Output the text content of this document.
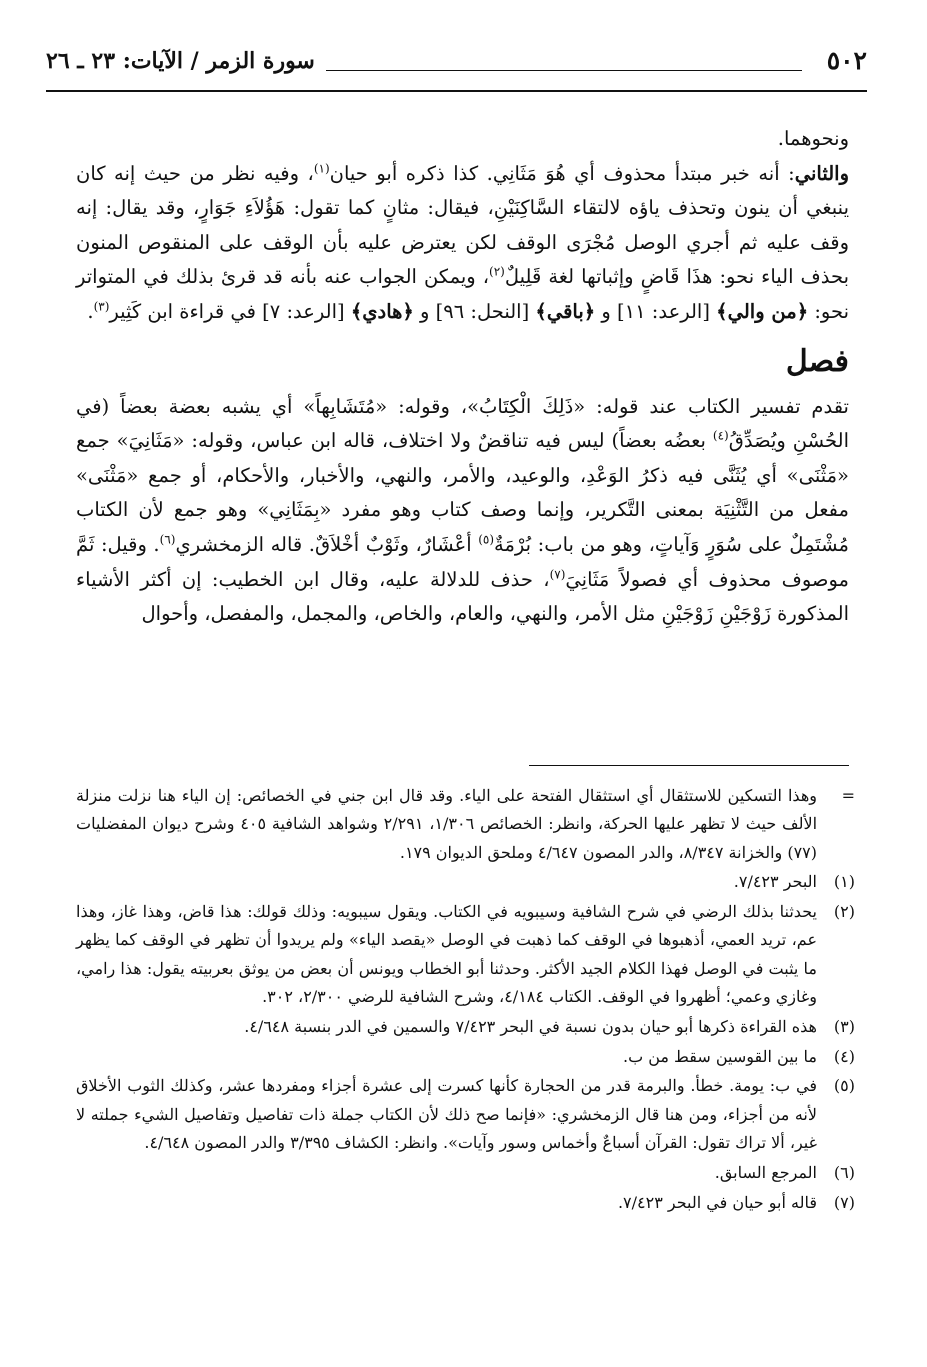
٥٠٢
سورة الزمر / الآيات: ٢٣ ـ ٢٦

ونحوهما.

والثاني: أنه خبر مبتدأ محذوف أي هُوَ مَثَانِي. كذا ذكره أبو حيان$^{(١)}$، وفيه نظر من حيث إنه كان ينبغي أن ينون وتحذف ياؤه لالتقاء السَّاكِنَيْنِ، فيقال: مثانٍ كما تقول: هَؤُلاَءِ جَوَارٍ، وقد يقال: إنه وقف عليه ثم أجري الوصل مُجْرَى الوقف لكن يعترض عليه بأن الوقف على المنقوص المنون بحذف الياء نحو: هذَا قَاضٍ وإثباتها لغة قَلِيلٌ$^{(٢)}$، ويمكن الجواب عنه بأنه قد قرئ بذلك في المتواتر نحو: ﴿من والي﴾ [الرعد: ١١] و ﴿باقي﴾ [النحل: ٩٦] و ﴿هادي﴾ [الرعد: ٧] في قراءة ابن كَثِير$^{(٣)}$.

فصل

تقدم تفسير الكتاب عند قوله: «ذَلِكَ الْكِتَابُ»، وقوله: «مُتَشَابِهاً» أي يشبه بعضة بعضاً (في الحُسْنِ ويُصَدِّقُ$^{(٤)}$ بعضُه بعضاً) ليس فيه تناقضٌ ولا اختلاف، قاله ابن عباس، وقوله: «مَثَانِيَ» جمع «مَثْنَى» أي يُثَنَّى فيه ذكرُ الوَعْدِ، والوعيد، والأمر، والنهي، والأخبار، والأحكام، أو جمع «مَثْنَى» مفعل من التَّثْنِيَة بمعنى التَّكرير، وإنما وصف كتاب وهو مفرد «بِمَثَانِي» وهو جمع لأن الكتاب مُشْتَمِلٌ على سُوَرٍ وَآياتٍ، وهو من باب: بُرْمَةٌ$^{(٥)}$ أعْشَارٌ، وثَوْبٌ أخْلاَقٌ. قاله الزمخشري$^{(٦)}$. وقيل: ثَمَّ موصوف محذوف أي فصولاً مَثَانِيَ$^{(٧)}$، حذف للدلالة عليه، وقال ابن الخطيب: إن أكثر الأشياء المذكورة زَوْجَيْنِ زَوْجَيْنِ مثل الأمر، والنهي، والعام، والخاص، والمجمل، والمفصل، وأحوال

=
وهذا التسكين للاستثقال أي استثقال الفتحة على الياء. وقد قال ابن جني في الخصائص: إن الياء هنا نزلت منزلة الألف حيث لا تظهر عليها الحركة، وانظر: الخصائص ١/٣٠٦، ٢/٢٩١ وشواهد الشافية ٤٠٥ وشرح ديوان المفضليات (٧٧) والخزانة ٨/٣٤٧، والدر المصون ٤/٦٤٧ وملحق الديوان ١٧٩.
(١)
البحر ٧/٤٢٣.
(٢)
يحدثنا بذلك الرضي في شرح الشافية وسيبويه في الكتاب. ويقول سيبويه: وذلك قولك: هذا قاض، وهذا غاز، وهذا عم، تريد العمي، أذهبوها في الوقف كما ذهبت في الوصل «يقصد الياء» ولم يريدوا أن تظهر في الوقف كما يظهر ما يثبت في الوصل فهذا الكلام الجيد الأكثر. وحدثنا أبو الخطاب ويونس أن بعض من يوثق بعربيته يقول: هذا رامي، وغازي وعمي؛ أظهروا في الوقف. الكتاب ٤/١٨٤، وشرح الشافية للرضي ٢/٣٠٠، ٣٠٢.
(٣)
هذه القراءة ذكرها أبو حيان بدون نسبة في البحر ٧/٤٢٣ والسمين في الدر بنسبة ٤/٦٤٨.
(٤)
ما بين القوسين سقط من ب.
(٥)
في ب: يومة. خطأ. والبرمة قدر من الحجارة كأنها كسرت إلى عشرة أجزاء ومفردها عشر، وكذلك الثوب الأخلاق لأنه من أجزاء، ومن هنا قال الزمخشري: «فإنما صح ذلك لأن الكتاب جملة ذات تفاصيل وتفاصيل الشيء جملته لا غير، ألا تراك تقول: القرآن أسباعٌ وأخماس وسور وآيات». وانظر: الكشاف ٣/٣٩٥ والدر المصون ٤/٦٤٨.
(٦)
المرجع السابق.
(٧)
قاله أبو حيان في البحر ٧/٤٢٣.
